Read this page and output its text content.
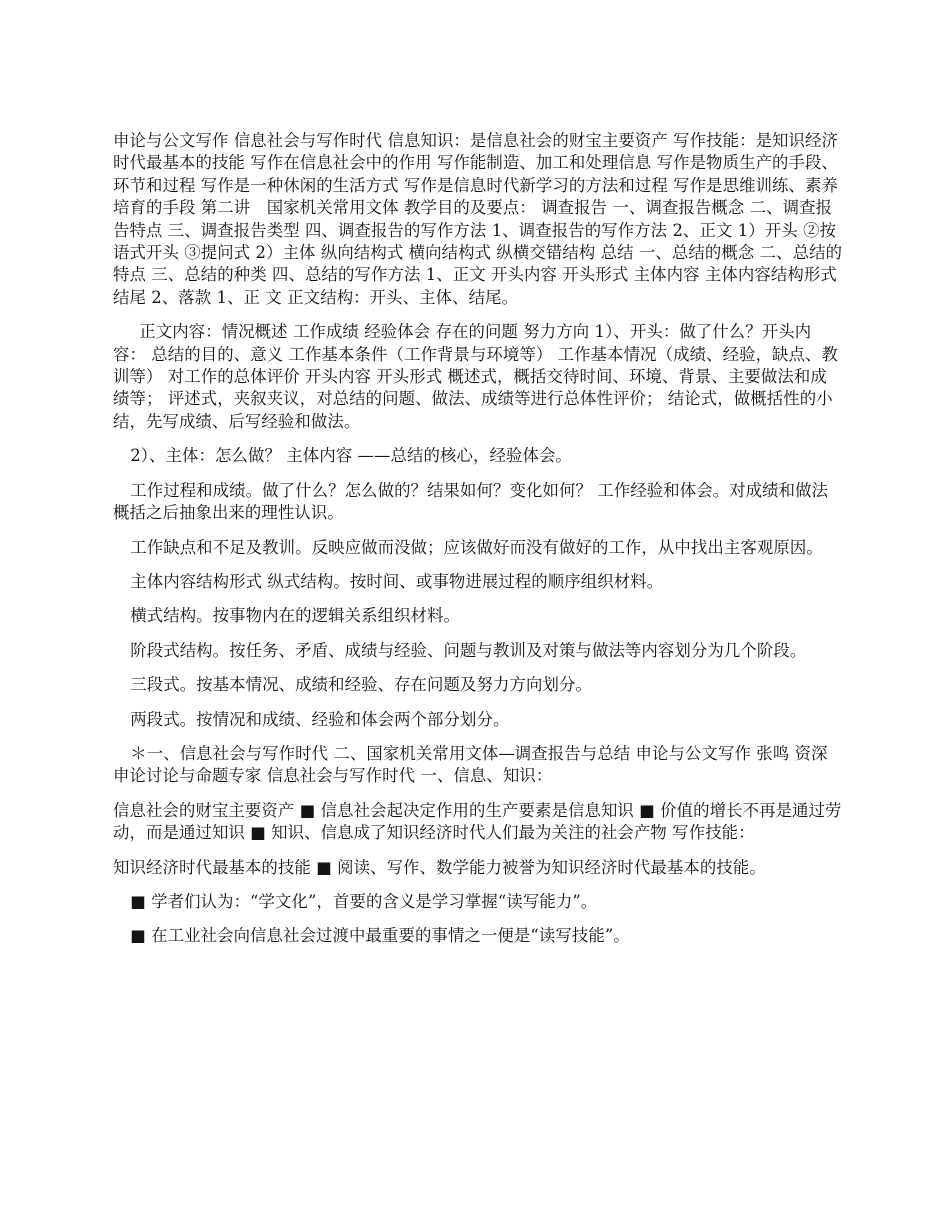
申论与公文写作 信息社会与写作时代 信息知识：是信息社会的财宝主要资产 写作技能：是知识经济时代最基本的技能 写作在信息社会中的作用 写作能制造、加工和处理信息 写作是物质生产的手段、环节和过程 写作是一种休闲的生活方式 写作是信息时代新学习的方法和过程 写作是思维训练、素养培育的手段 第二讲　国家机关常用文体 教学目的及要点： 调查报告 一、调查报告概念 二、调查报告特点 三、调查报告类型 四、调查报告的写作方法 1、调查报告的写作方法 2、正文 1）开头 ②按语式开头 ③提问式 2）主体 纵向结构式 横向结构式 纵横交错结构 总结 一、总结的概念 二、总结的特点 三、总结的种类 四、总结的写作方法 1、正文 开头内容 开头形式 主体内容 主体内容结构形式 结尾 2、落款 1、正 文 正文结构：开头、主体、结尾。

正文内容：情况概述 工作成绩 经验体会 存在的问题 努力方向 1）、开头：做了什么？开头内容： 总结的目的、意义 工作基本条件（工作背景与环境等） 工作基本情况（成绩、经验，缺点、教训等） 对工作的总体评价 开头内容 开头形式 概述式，概括交待时间、环境、背景、主要做法和成绩等； 评述式，夹叙夹议，对总结的问题、做法、成绩等进行总体性评价； 结论式，做概括性的小结，先写成绩、后写经验和做法。

2）、主体：怎么做？ 主体内容 ——总结的核心，经验体会。

工作过程和成绩。做了什么？怎么做的？结果如何？变化如何？ 工作经验和体会。对成绩和做法概括之后抽象出来的理性认识。

工作缺点和不足及教训。反映应做而没做；应该做好而没有做好的工作，从中找出主客观原因。

主体内容结构形式 纵式结构。按时间、或事物进展过程的顺序组织材料。

横式结构。按事物内在的逻辑关系组织材料。

阶段式结构。按任务、矛盾、成绩与经验、问题与教训及对策与做法等内容划分为几个阶段。

三段式。按基本情况、成绩和经验、存在问题及努力方向划分。

两段式。按情况和成绩、经验和体会两个部分划分。

＊一、信息社会与写作时代 二、国家机关常用文体—调查报告与总结 申论与公文写作 张鸣 资深申论讨论与命题专家 信息社会与写作时代 一、信息、知识：

信息社会的财宝主要资产 ■ 信息社会起决定作用的生产要素是信息知识 ■ 价值的增长不再是通过劳动，而是通过知识 ■ 知识、信息成了知识经济时代人们最为关注的社会产物 写作技能：

知识经济时代最基本的技能 ■ 阅读、写作、数学能力被誉为知识经济时代最基本的技能。

■ 学者们认为：“学文化”，首要的含义是学习掌握“读写能力”。

■ 在工业社会向信息社会过渡中最重要的事情之一便是“读写技能”。
